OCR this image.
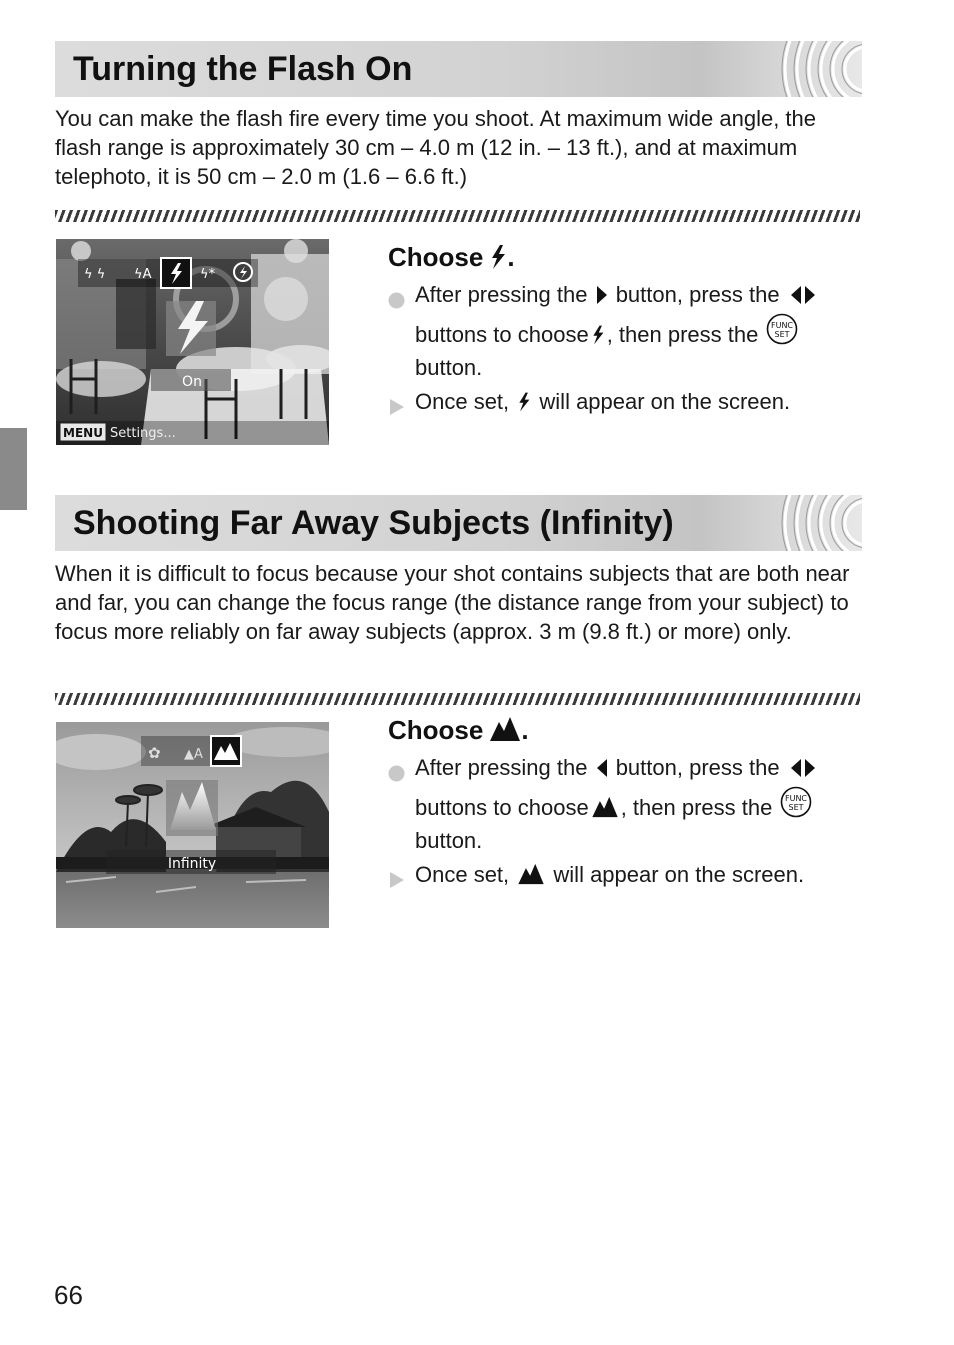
Turning the Flash On

You can make the flash fire every time you shoot. At maximum wide angle, the flash range is approximately 30 cm – 4.0 m (12 in. – 13 ft.), and at maximum telephoto, it is 50 cm – 2.0 m (1.6 – 6.6 ft.)

ϟ ϟ ϟA	ϟ*
On
MENU Settings...
Choose .
After pressing the button, press the  buttons to choose , then press the FUNC
SET
button.
Once set, will appear on the screen.
Shooting Far Away Subjects (Infinity)

When it is difficult to focus because your shot contains subjects that are both near and far, you can change the focus range (the distance range from your subject) to focus more reliably on far away subjects (approx. 3 m (9.8 ft.) or more) only.

✿ ▲A
Infinity
Choose .
After pressing the button, press the  buttons to choose , then press the FUNC
SET
button.
Once set, will appear on the screen.
66
